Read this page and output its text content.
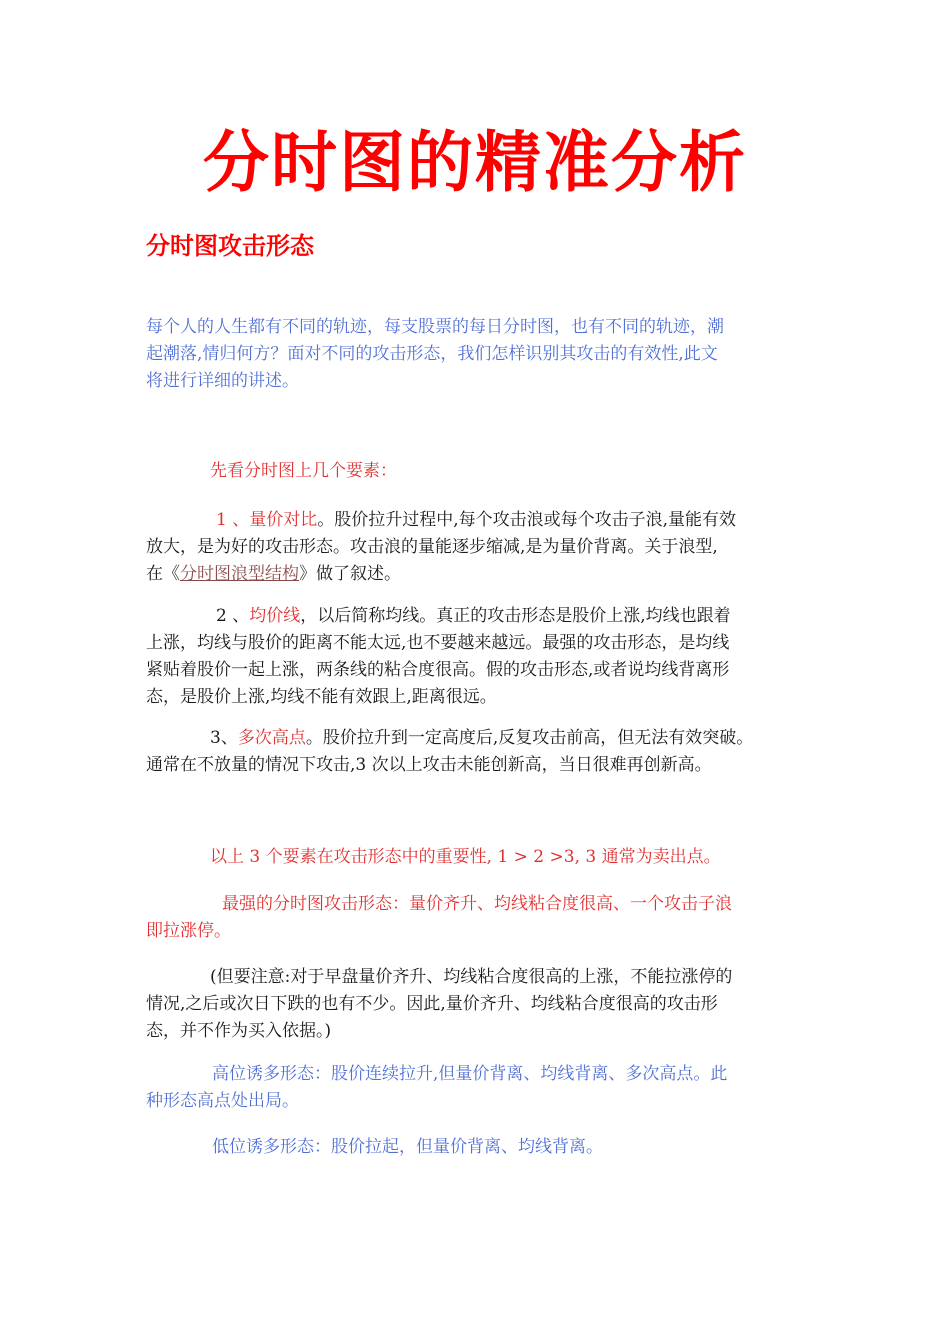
分时图的精准分析
分时图攻击形态
每个人的人生都有不同的轨迹，每支股票的每日分时图，也有不同的轨迹，潮
起潮落,情归何方？面对不同的攻击形态，我们怎样识别其攻击的有效性,此文
将进行详细的讲述。
先看分时图上几个要素：
1 、量价对比。股价拉升过程中,每个攻击浪或每个攻击子浪,量能有效
放大，是为好的攻击形态。攻击浪的量能逐步缩减,是为量价背离。关于浪型,
在《分时图浪型结构》做了叙述。
2 、均价线，以后简称均线。真正的攻击形态是股价上涨,均线也跟着
上涨，均线与股价的距离不能太远,也不要越来越远。最强的攻击形态，是均线
紧贴着股价一起上涨，两条线的粘合度很高。假的攻击形态,或者说均线背离形
态，是股价上涨,均线不能有效跟上,距离很远。
3、多次高点。股价拉升到一定高度后,反复攻击前高，但无法有效突破。
通常在不放量的情况下攻击,3 次以上攻击未能创新高，当日很难再创新高。
以上 3 个要素在攻击形态中的重要性, 1 > 2 >3, 3 通常为卖出点。
最强的分时图攻击形态：量价齐升、均线粘合度很高、一个攻击子浪
即拉涨停。
(但要注意:对于早盘量价齐升、均线粘合度很高的上涨，不能拉涨停的
情况,之后或次日下跌的也有不少。因此,量价齐升、均线粘合度很高的攻击形
态，并不作为买入依据。)
高位诱多形态：股价连续拉升,但量价背离、均线背离、多次高点。此
种形态高点处出局。
低位诱多形态：股价拉起，但量价背离、均线背离。
